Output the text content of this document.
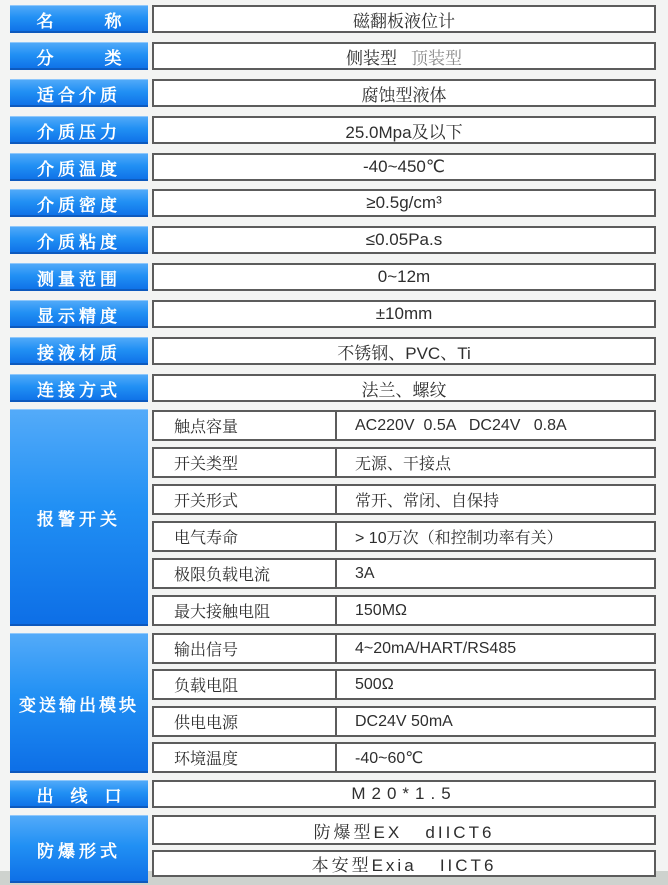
名　　　称	磁翻板液位计
分　　　类	侧装型 顶装型
适合介质	腐蚀型液体
介质压力	25.0Mpa及以下
介质温度	-40~450℃
介质密度	≥0.5g/cm³
介质粘度	≤0.05Pa.s
测量范围	0~12m
显示精度	±10mm
接液材质	不锈钢、PVC、Ti
连接方式	法兰、螺纹
报警开关
触点容量	AC220V  0.5A   DC24V   0.8A
开关类型	无源、干接点
开关形式	常开、常闭、自保持
电气寿命	> 10万次（和控制功率有关）
极限负载电流	3A
最大接触电阻	150MΩ
变送输出模块
输出信号	4~20mA/HART/RS485
负载电阻	500Ω
供电电源	DC24V 50mA
环境温度	-40~60℃
出　线　口	M20*1.5
防爆形式
防爆型EX   dIICT6
本安型Exia   IICT6
